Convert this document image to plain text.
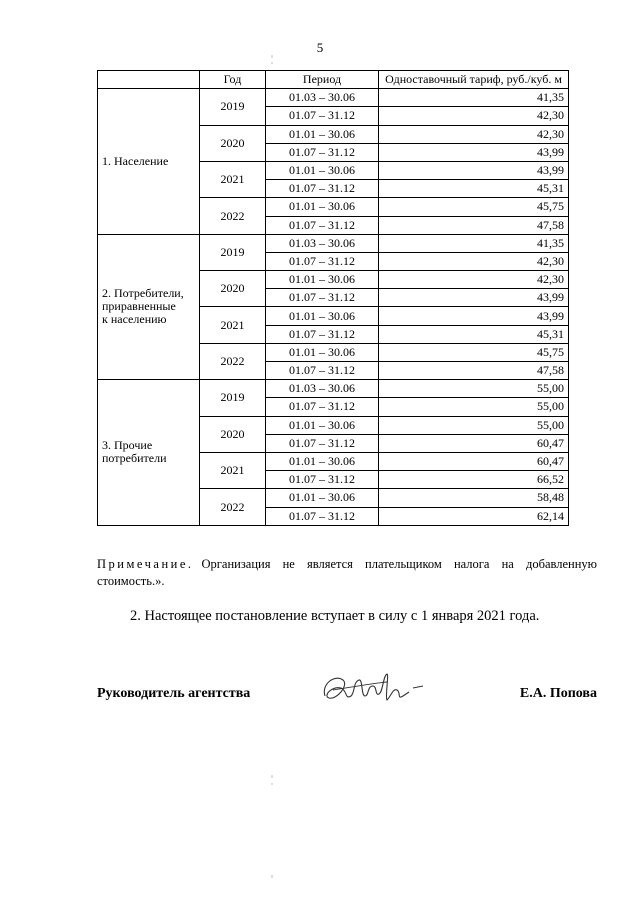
5
	Год	Период	Одноставочный тариф, руб./куб. м
1. Население	2019	01.03 – 30.06	41,35
		01.07 – 31.12	42,30
	2020	01.01 – 30.06	42,30
		01.07 – 31.12	43,99
	2021	01.01 – 30.06	43,99
		01.07 – 31.12	45,31
	2022	01.01 – 30.06	45,75
		01.07 – 31.12	47,58
2. Потребители,
приравненные
к населению	2019	01.03 – 30.06	41,35
		01.07 – 31.12	42,30
	2020	01.01 – 30.06	42,30
		01.07 – 31.12	43,99
	2021	01.01 – 30.06	43,99
		01.07 – 31.12	45,31
	2022	01.01 – 30.06	45,75
		01.07 – 31.12	47,58
3. Прочие
потребители	2019	01.03 – 30.06	55,00
		01.07 – 31.12	55,00
	2020	01.01 – 30.06	55,00
		01.07 – 31.12	60,47
	2021	01.01 – 30.06	60,47
		01.07 – 31.12	66,52
	2022	01.01 – 30.06	58,48
		01.07 – 31.12	62,14
Примечание. Организация не является плательщиком налога на добавленную стоимость.».
2. Настоящее постановление вступает в силу с 1 января 2021 года.
Руководитель агентства	Е.А. Попова
